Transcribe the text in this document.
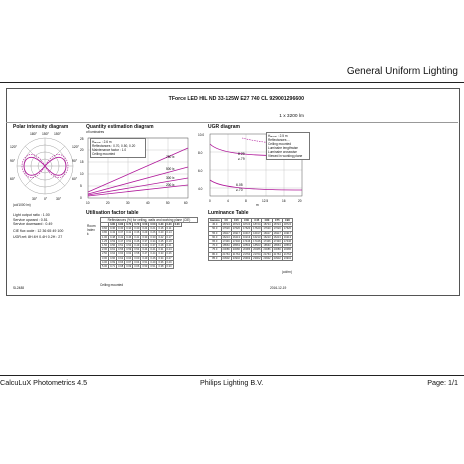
General Uniform Lighting
TForce LED HIL ND 33-125W E27 740 CL 929001296600
1 x 3200 lm
Polar intensity diagram
180° 150° 150°
120°	120°
90°	90°
60°	60°
30° 0°	30°
(cd/1000 lm)
Quantity estimation diagram
of luminaires
750 lx
500 lx
300 lx
200 lx
0
5
10
15
20
25
10	20	30	40	50	60
Hₘₒᵤₙₜ : 2.6 m
Reflectances : 0.70, 0.50, 0.20
Maintenance factor : 1.0
Ceiling mounted
UGR diagram
8.29
≥.79
6.05
≥.70
10.0
8.0
6.0
4.0
0	4	8	12.5	16	20
m
Hₘₒᵤₙₜ : 2.5 m
Reflectances ...
Ceiling mounted
Luminaire lengthwise
Luminaire crosswise
Viewed in working plane
Light output ratio : 1.00
Service upward : 0.51
Service downward : 0.49
CIE flux code : 12 36 65 49 100
UGR₍ref₎ 8H 4H 0.4H 0.2H : 27
Utilisation factor table
Reflectances (%) for ceiling, walls and working plane (CIE)
Room
Index
k
	0.80	0.80	0.70	0.70	0.50	0.50	0.30	0.30	0.00
0.60	0.36	0.30	0.34	0.30	0.24	0.21	0.16	0.11	
0.80	0.43	0.37	0.41	0.36	0.29	0.26	0.20	0.14	
1.00	0.48	0.42	0.46	0.41	0.33	0.30	0.22	0.17	
1.25	0.53	0.47	0.51	0.46	0.37	0.34	0.25	0.19	
1.50	0.56	0.51	0.54	0.49	0.40	0.37	0.28	0.21	
2.00	0.61	0.56	0.59	0.54	0.44	0.41	0.31	0.24	
2.50	0.64	0.60	0.62	0.58	0.47	0.44	0.33	0.26	
3.00	0.66	0.62	0.64	0.60	0.49	0.46	0.34	0.27	
4.00	0.69	0.66	0.67	0.64	0.51	0.49	0.36	0.29	
5.00	0.71	0.68	0.69	0.66	0.53	0.51	0.38	0.30	
Ceiling mounted
Luminance Table
Gamma	C0	C15	C30	C45	C60	C75	C90
45.0	18724	18724	18724	18724	18724	18724	18724
50.0	17620	17620	17620	17620	17620	17620	17620
55.0	16917	16917	16917	16917	16917	16917	16917
60.0	16213	16213	16213	16213	16213	16213	16213
65.0	17446	17446	17446	17446	17446	17446	17446
70.0	18563	18563	18563	18563	18563	18563	18563
75.0	20086	20086	20086	20086	20086	20086	20086
80.0	21764	21764	21764	21764	21764	21764	21764
85.0	23902	23902	23902	23902	23902	23902	23902
(cd/m²)
SL2488	2016-12-19
CalcuLuX Photometrics 4.5	Philips Lighting B.V.	Page: 1/1
